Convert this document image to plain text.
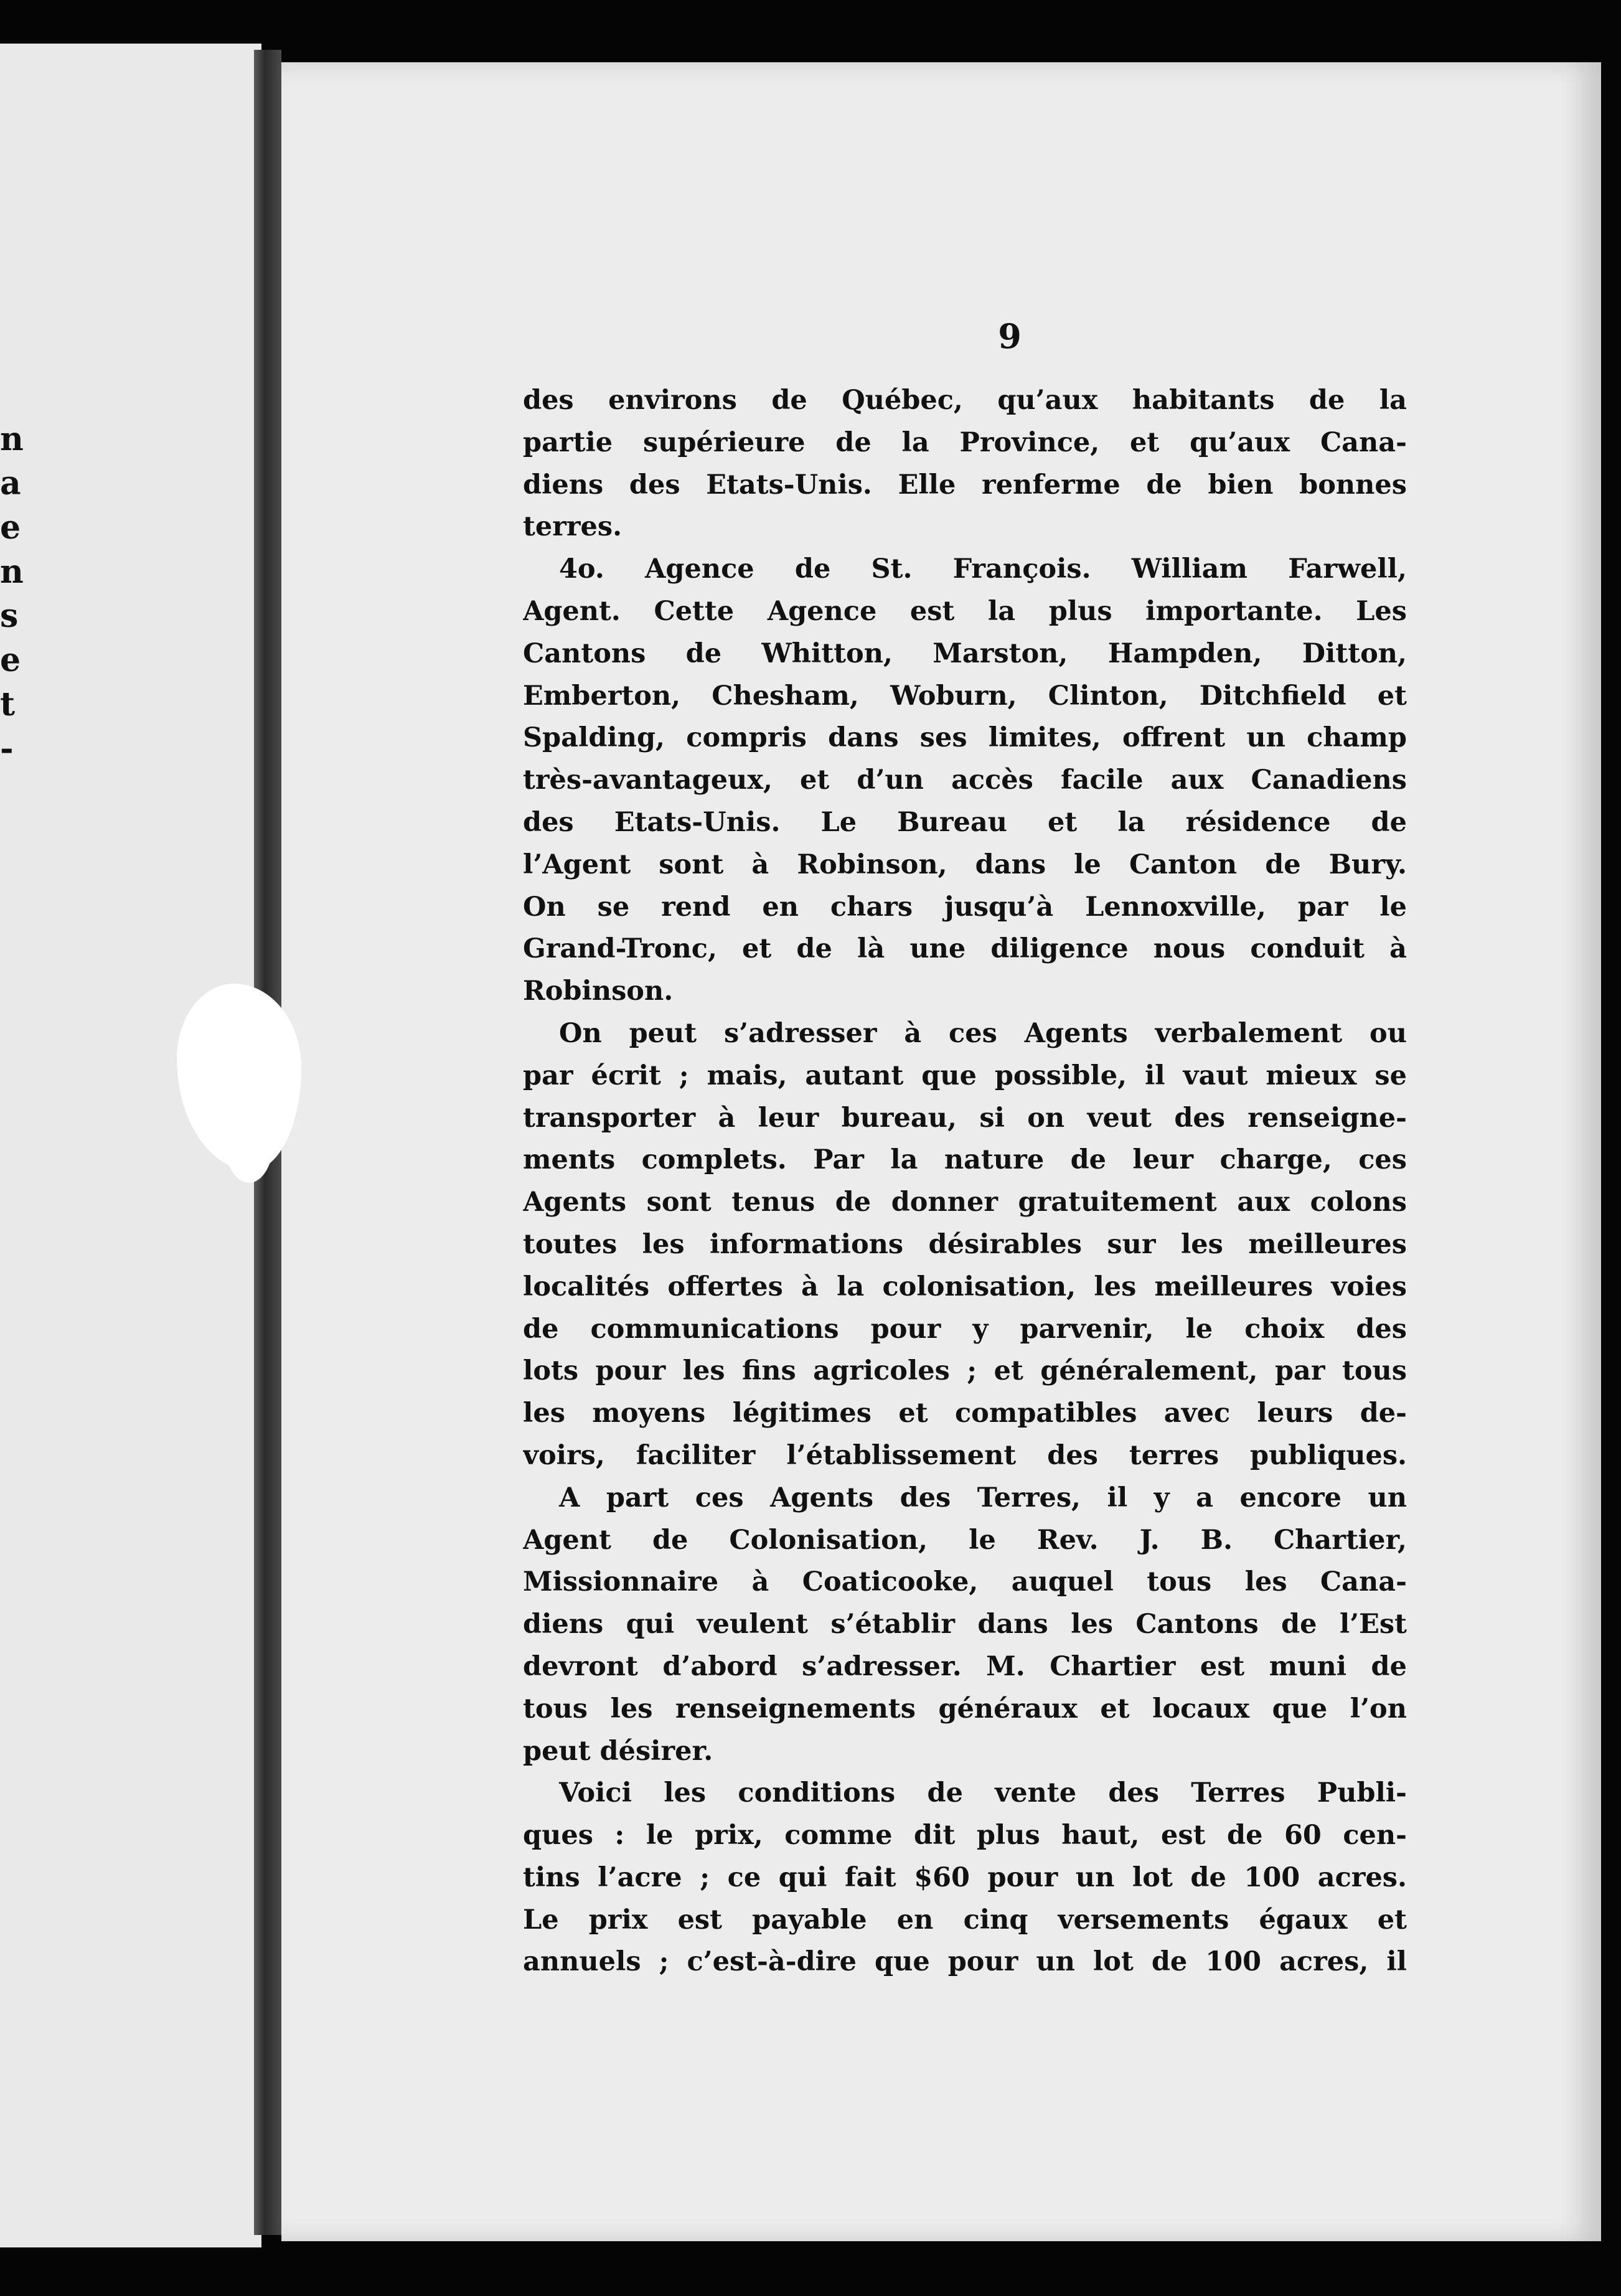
n
a
e
n
s
e
t
-
9
des environs de Québec, qu’aux habitants de la
partie supérieure de la Province, et qu’aux Cana-
diens des Etats-Unis. Elle renferme de bien bonnes
terres.
4o. Agence de St. François. William Farwell,
Agent. Cette Agence est la plus importante. Les
Cantons de Whitton, Marston, Hampden, Ditton,
Emberton, Chesham, Woburn, Clinton, Ditchfield et
Spalding, compris dans ses limites, offrent un champ
très-avantageux, et d’un accès facile aux Canadiens
des Etats-Unis. Le Bureau et la résidence de
l’Agent sont à Robinson, dans le Canton de Bury.
On se rend en chars jusqu’à Lennoxville, par le
Grand-Tronc, et de là une diligence nous conduit à
Robinson.
On peut s’adresser à ces Agents verbalement ou
par écrit ; mais, autant que possible, il vaut mieux se
transporter à leur bureau, si on veut des renseigne-
ments complets. Par la nature de leur charge, ces
Agents sont tenus de donner gratuitement aux colons
toutes les informations désirables sur les meilleures
localités offertes à la colonisation, les meilleures voies
de communications pour y parvenir, le choix des
lots pour les fins agricoles ; et généralement, par tous
les moyens légitimes et compatibles avec leurs de-
voirs, faciliter l’établissement des terres publiques.
A part ces Agents des Terres, il y a encore un
Agent de Colonisation, le Rev. J. B. Chartier,
Missionnaire à Coaticooke, auquel tous les Cana-
diens qui veulent s’établir dans les Cantons de l’Est
devront d’abord s’adresser. M. Chartier est muni de
tous les renseignements généraux et locaux que l’on
peut désirer.
Voici les conditions de vente des Terres Publi-
ques : le prix, comme dit plus haut, est de 60 cen-
tins l’acre ; ce qui fait $60 pour un lot de 100 acres.
Le prix est payable en cinq versements égaux et
annuels ; c’est-à-dire que pour un lot de 100 acres, il
